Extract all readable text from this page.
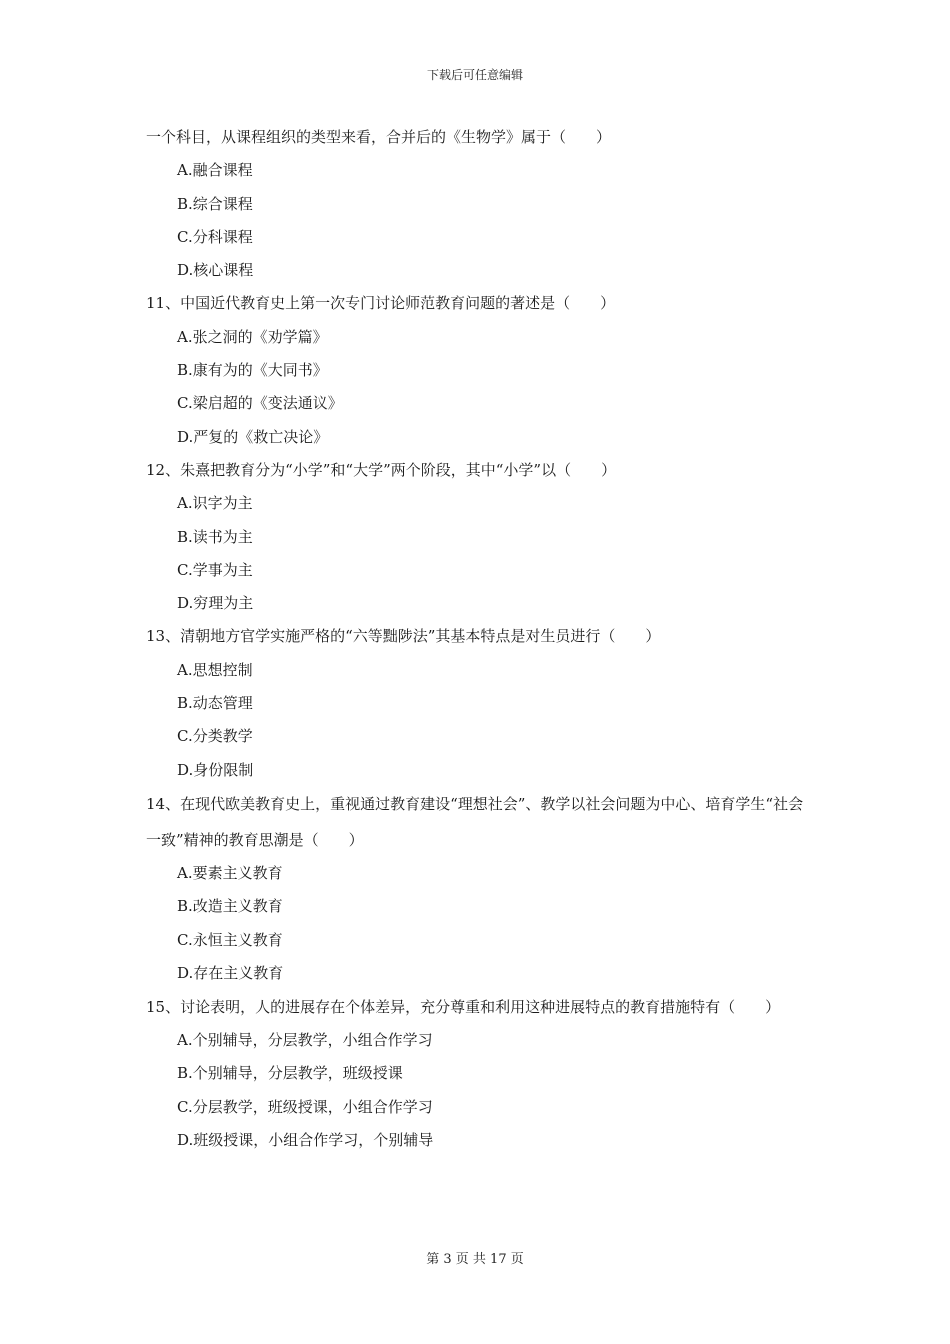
下载后可任意编辑
一个科目，从课程组织的类型来看，合并后的《生物学》属于（　　）
A.融合课程
B.综合课程
C.分科课程
D.核心课程
11、中国近代教育史上第一次专门讨论师范教育问题的著述是（　　）
A.张之洞的《劝学篇》
B.康有为的《大同书》
C.梁启超的《变法通议》
D.严复的《救亡决论》
12、朱熹把教育分为“小学”和“大学”两个阶段，其中“小学”以（　　）
A.识字为主
B.读书为主
C.学事为主
D.穷理为主
13、清朝地方官学实施严格的“六等黜陟法”其基本特点是对生员进行（　　）
A.思想控制
B.动态管理
C.分类教学
D.身份限制
14、在现代欧美教育史上，重视通过教育建设“理想社会”、教学以社会问题为中心、培育学生“社会一致”精神的教育思潮是（　　）
A.要素主义教育
B.改造主义教育
C.永恒主义教育
D.存在主义教育
15、讨论表明，人的进展存在个体差异，充分尊重和利用这种进展特点的教育措施特有（　　）
A.个别辅导，分层教学，小组合作学习
B.个别辅导，分层教学，班级授课
C.分层教学，班级授课，小组合作学习
D.班级授课，小组合作学习，个别辅导
第 3 页 共 17 页
